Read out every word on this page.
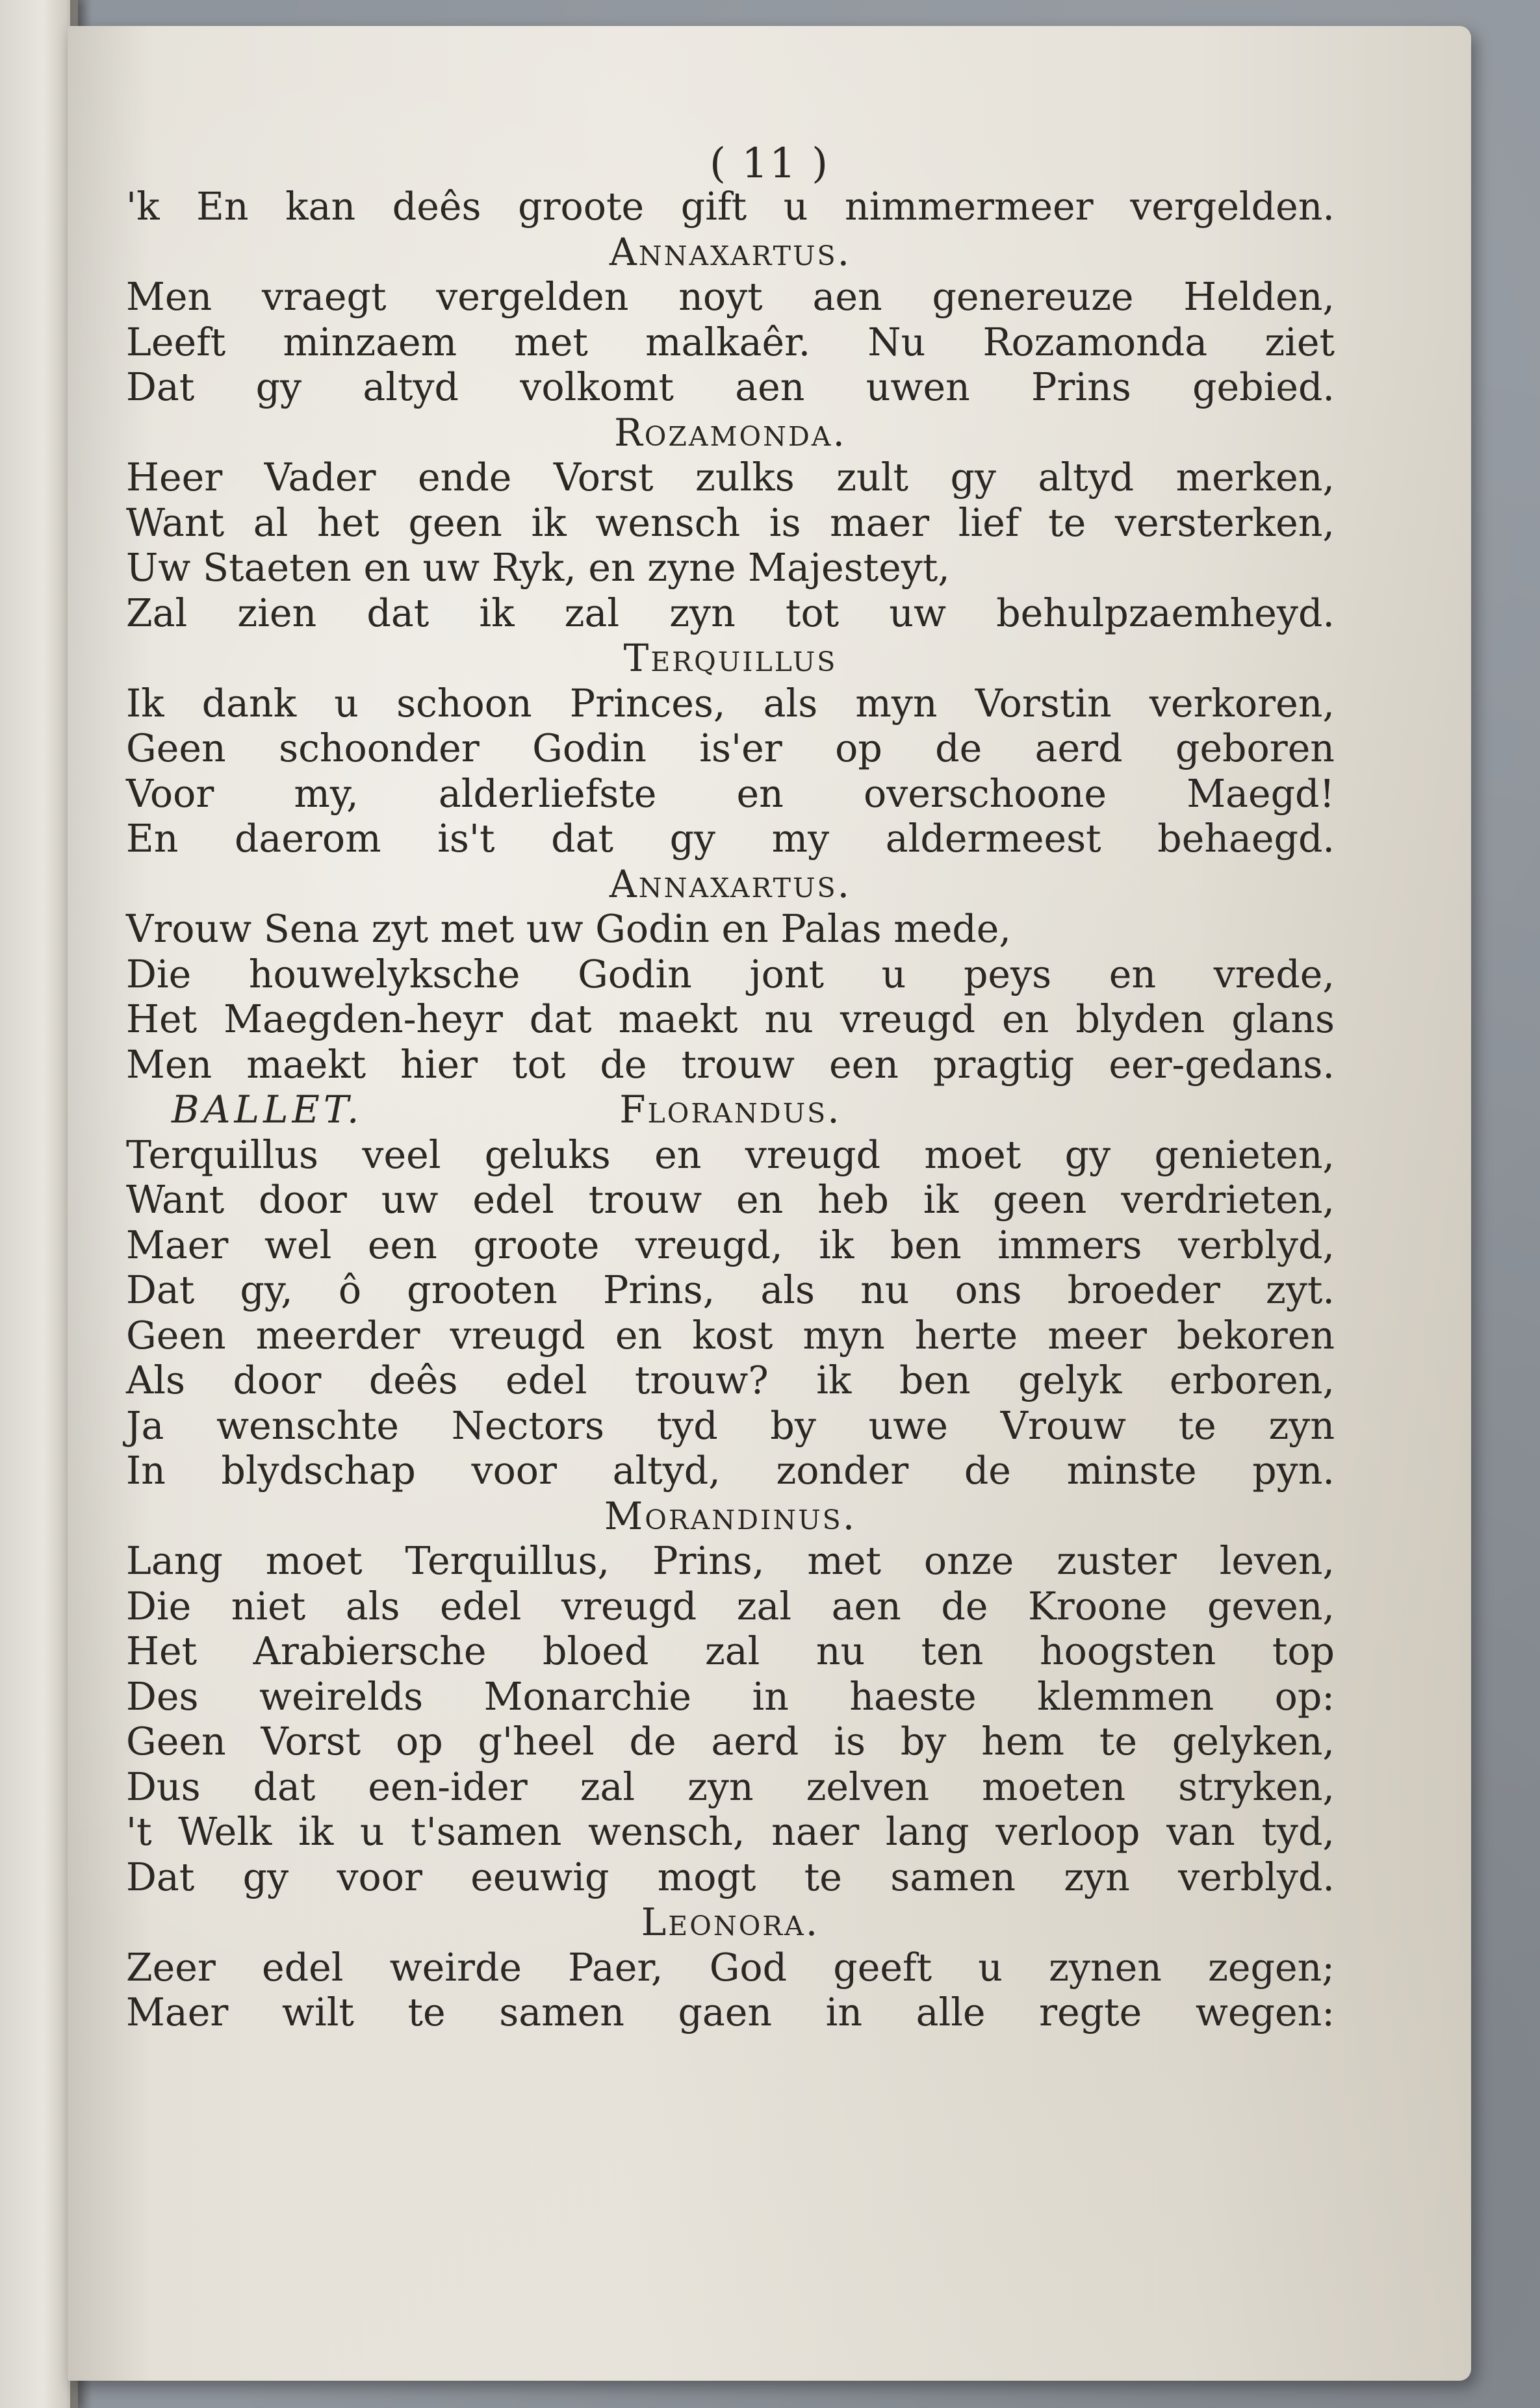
( 11 )
'k En kan deês groote gift u nimmermeer vergelden.
Annaxartus.
Men vraegt vergelden noyt aen genereuze Helden,
Leeft minzaem met malkaêr. Nu Rozamonda ziet
Dat gy altyd volkomt aen uwen Prins gebied.
Rozamonda.
Heer Vader ende Vorst zulks zult gy altyd merken,
Want al het geen ik wensch is maer lief te versterken,
Uw Staeten en uw Ryk, en zyne Majesteyt,
Zal zien dat ik zal zyn tot uw behulpzaemheyd.
Terquillus
Ik dank u schoon Princes, als myn Vorstin verkoren,
Geen schoonder Godin is'er op de aerd geboren
Voor my, alderliefste en overschoone Maegd!
En daerom is't dat gy my aldermeest behaegd.
Annaxartus.
Vrouw Sena zyt met uw Godin en Palas mede,
Die houwelyksche Godin jont u peys en vrede,
Het Maegden-heyr dat maekt nu vreugd en blyden glans
Men maekt hier tot de trouw een pragtig eer-gedans.
BALLET.	Florandus.
Terquillus veel geluks en vreugd moet gy genieten,
Want door uw edel trouw en heb ik geen verdrieten,
Maer wel een groote vreugd, ik ben immers verblyd,
Dat gy, ô grooten Prins, als nu ons broeder zyt.
Geen meerder vreugd en kost myn herte meer bekoren
Als door deês edel trouw? ik ben gelyk erboren,
Ja wenschte Nectors tyd by uwe Vrouw te zyn
In blydschap voor altyd, zonder de minste pyn.
Morandinus.
Lang moet Terquillus, Prins, met onze zuster leven,
Die niet als edel vreugd zal aen de Kroone geven,
Het Arabiersche bloed zal nu ten hoogsten top
Des weirelds Monarchie in haeste klemmen op:
Geen Vorst op g'heel de aerd is by hem te gelyken,
Dus dat een-ider zal zyn zelven moeten stryken,
't Welk ik u t'samen wensch, naer lang verloop van tyd,
Dat gy voor eeuwig mogt te samen zyn verblyd.
Leonora.
Zeer edel weirde Paer, God geeft u zynen zegen;
Maer wilt te samen gaen in alle regte wegen:
